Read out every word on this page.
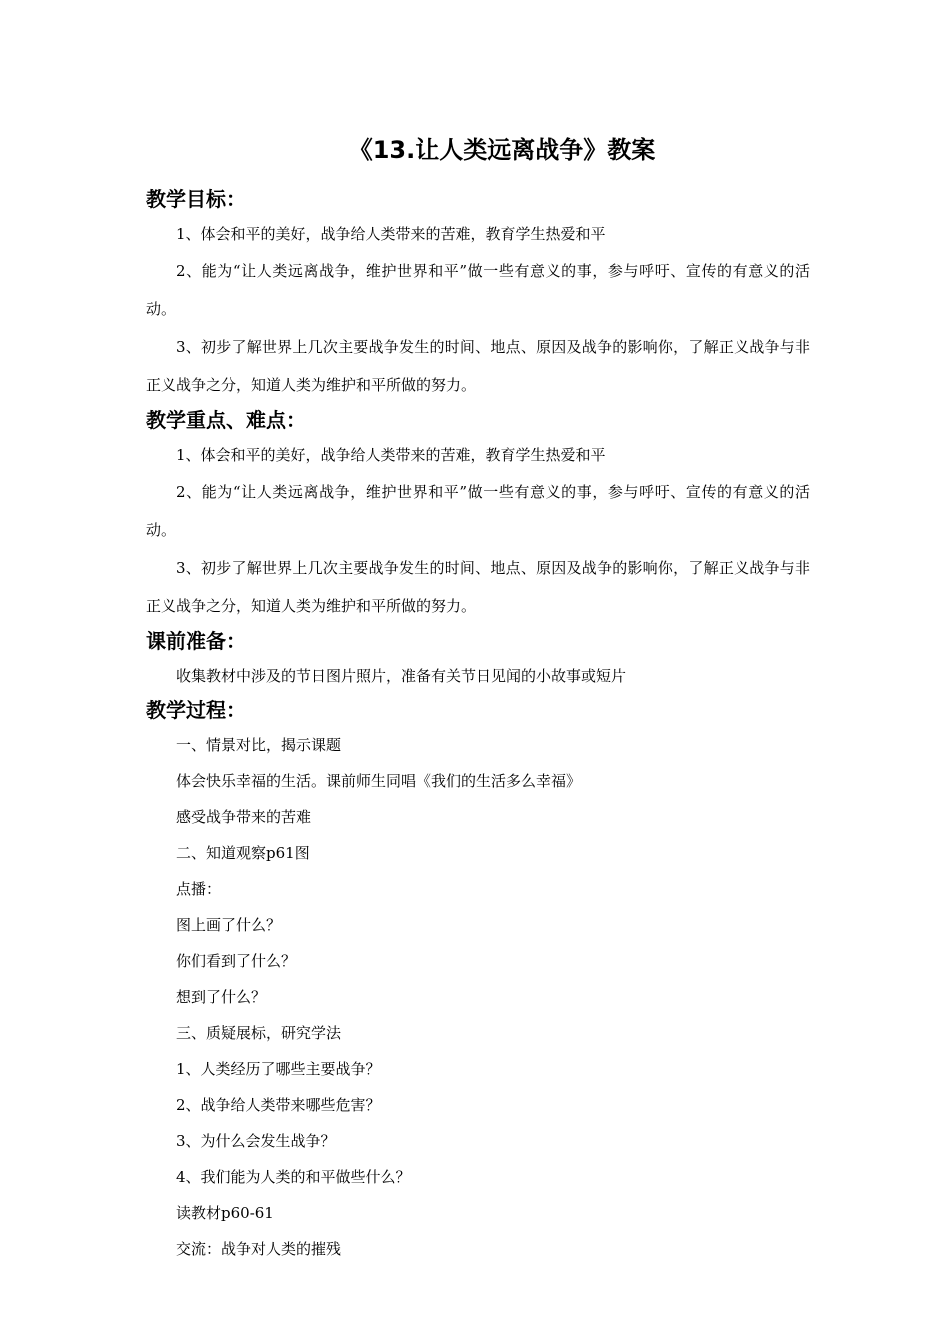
《13.让人类远离战争》教案
教学目标：
1、体会和平的美好，战争给人类带来的苦难，教育学生热爱和平
2、能为“让人类远离战争，维护世界和平”做一些有意义的事，参与呼吁、宣传的有意义的活动。
3、初步了解世界上几次主要战争发生的时间、地点、原因及战争的影响你，了解正义战争与非正义战争之分，知道人类为维护和平所做的努力。
教学重点、难点：
1、体会和平的美好，战争给人类带来的苦难，教育学生热爱和平
2、能为“让人类远离战争，维护世界和平”做一些有意义的事，参与呼吁、宣传的有意义的活动。
3、初步了解世界上几次主要战争发生的时间、地点、原因及战争的影响你，了解正义战争与非正义战争之分，知道人类为维护和平所做的努力。
课前准备：
收集教材中涉及的节日图片照片，准备有关节日见闻的小故事或短片
教学过程：
一、情景对比，揭示课题
体会快乐幸福的生活。课前师生同唱《我们的生活多么幸福》
感受战争带来的苦难
二、知道观察p61图
点播：
图上画了什么？
你们看到了什么？
想到了什么？
三、质疑展标，研究学法
1、人类经历了哪些主要战争？
2、战争给人类带来哪些危害？
3、为什么会发生战争？
4、我们能为人类的和平做些什么？
读教材p60-61
交流：战争对人类的摧残
